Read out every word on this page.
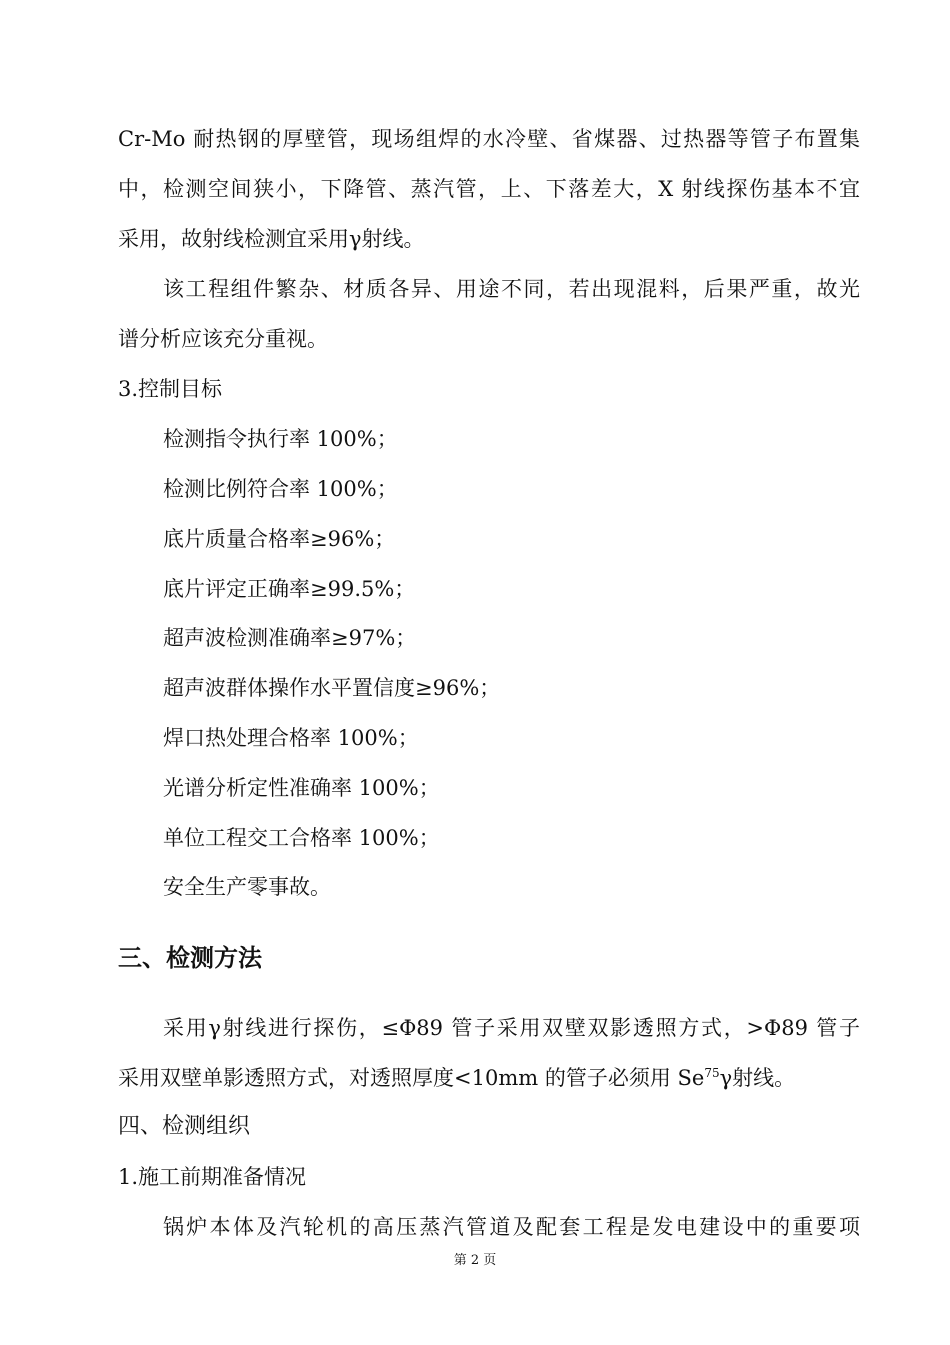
Cr-Mo 耐热钢的厚壁管，现场组焊的水冷壁、省煤器、过热器等管子布置集
中，检测空间狭小，下降管、蒸汽管，上、下落差大，X 射线探伤基本不宜
采用，故射线检测宜采用γ射线。
该工程组件繁杂、材质各异、用途不同，若出现混料，后果严重，故光
谱分析应该充分重视。
3.控制目标
检测指令执行率 100%；
检测比例符合率 100%；
底片质量合格率≥96%；
底片评定正确率≥99.5%；
超声波检测准确率≥97%；
超声波群体操作水平置信度≥96%；
焊口热处理合格率 100%；
光谱分析定性准确率 100%；
单位工程交工合格率 100%；
安全生产零事故。
三、检测方法
采用γ射线进行探伤，≤Φ89 管子采用双壁双影透照方式，>Φ89 管子
采用双壁单影透照方式，对透照厚度<10mm 的管子必须用 Se$^{75}$γ射线。
四、检测组织
1.施工前期准备情况
锅炉本体及汽轮机的高压蒸汽管道及配套工程是发电建设中的重要项
第 2 页
